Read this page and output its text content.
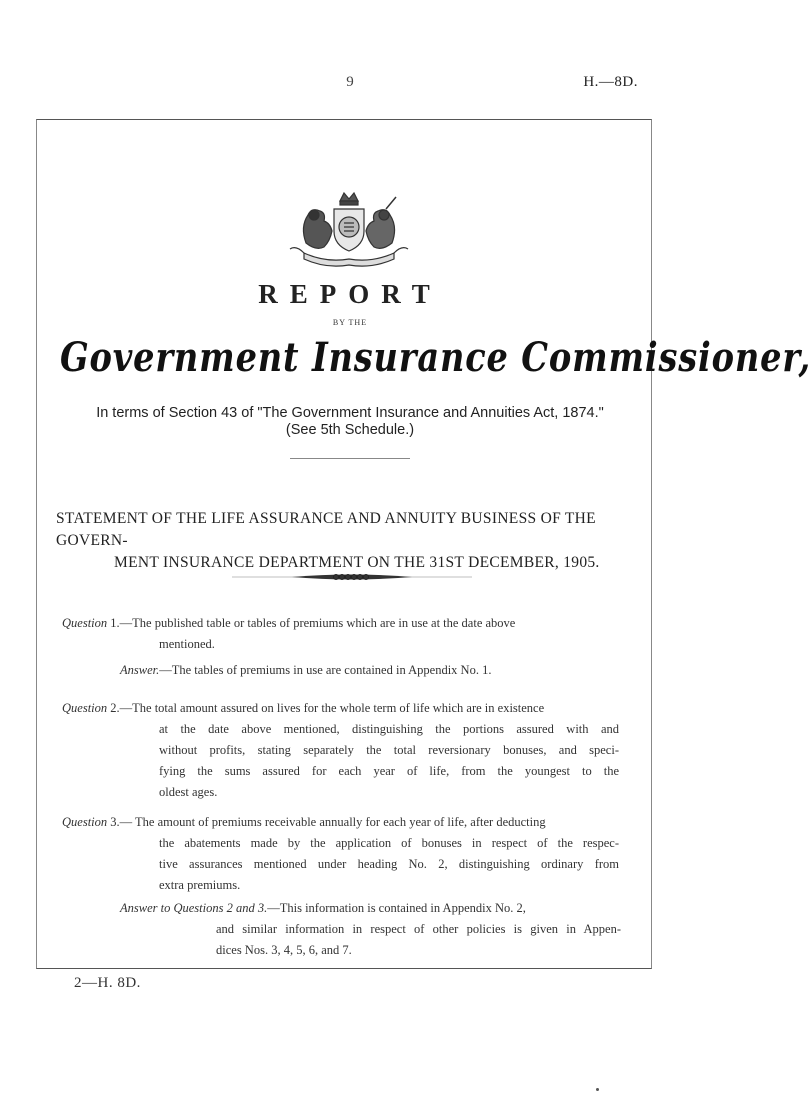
9	H.—8D.
REPORT
BY THE
Government Insurance Commissioner,
In terms of Section 43 of "The Government Insurance and Annuities Act, 1874."
(See 5th Schedule.)
STATEMENT OF THE LIFE ASSURANCE AND ANNUITY BUSINESS OF THE GOVERN-
MENT INSURANCE DEPARTMENT ON THE 31ST DECEMBER, 1905.
Question 1.—The published table or tables of premiums which are in use at the date above
mentioned.
Answer.—The tables of premiums in use are contained in Appendix No. 1.
Question 2.—The total amount assured on lives for the whole term of life which are in existence
at the date above mentioned, distinguishing the portions assured with and
without profits, stating separately the total reversionary bonuses, and speci-
fying the sums assured for each year of life, from the youngest to the
oldest ages.
Question 3.— The amount of premiums receivable annually for each year of life, after deducting
the abatements made by the application of bonuses in respect of the respec-
tive assurances mentioned under heading No. 2, distinguishing ordinary from
extra premiums.
Answer to Questions 2 and 3.—This information is contained in Appendix No. 2,
and similar information in respect of other policies is given in Appen-
dices Nos. 3, 4, 5, 6, and 7.
2—H. 8D.
